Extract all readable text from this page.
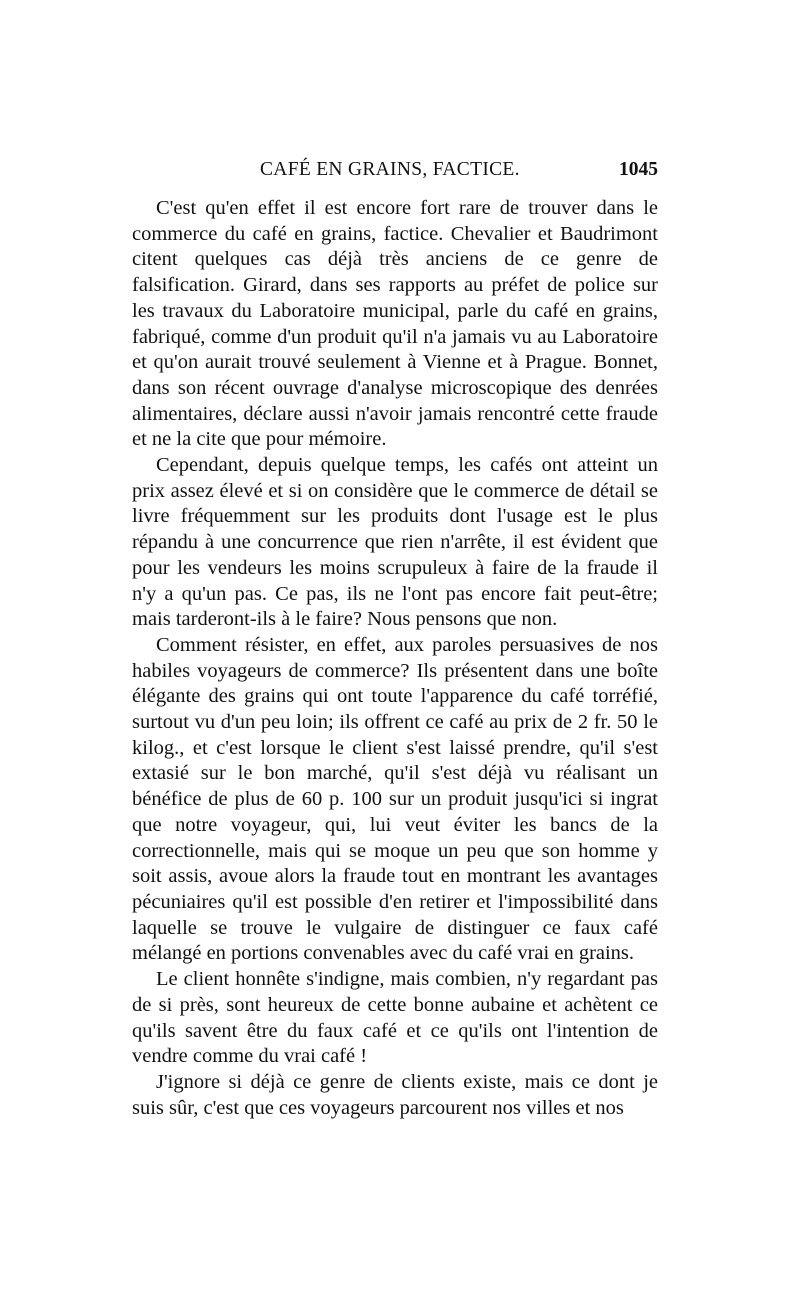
CAFÉ EN GRAINS, FACTICE.	1045

C'est qu'en effet il est encore fort rare de trouver dans le commerce du café en grains, factice. Chevalier et Baudrimont citent quelques cas déjà très anciens de ce genre de falsification. Girard, dans ses rapports au préfet de police sur les travaux du Laboratoire municipal, parle du café en grains, fabriqué, comme d'un produit qu'il n'a jamais vu au Laboratoire et qu'on aurait trouvé seulement à Vienne et à Prague. Bonnet, dans son récent ouvrage d'analyse microscopique des denrées alimentaires, déclare aussi n'avoir jamais rencontré cette fraude et ne la cite que pour mémoire.

Cependant, depuis quelque temps, les cafés ont atteint un prix assez élevé et si on considère que le commerce de détail se livre fréquemment sur les produits dont l'usage est le plus répandu à une concurrence que rien n'arrête, il est évident que pour les vendeurs les moins scrupuleux à faire de la fraude il n'y a qu'un pas. Ce pas, ils ne l'ont pas encore fait peut-être; mais tarderont-ils à le faire? Nous pensons que non.

Comment résister, en effet, aux paroles persuasives de nos habiles voyageurs de commerce? Ils présentent dans une boîte élégante des grains qui ont toute l'apparence du café torréfié, surtout vu d'un peu loin; ils offrent ce café au prix de 2 fr. 50 le kilog., et c'est lorsque le client s'est laissé prendre, qu'il s'est extasié sur le bon marché, qu'il s'est déjà vu réalisant un bénéfice de plus de 60 p. 100 sur un produit jusqu'ici si ingrat que notre voyageur, qui, lui veut éviter les bancs de la correctionnelle, mais qui se moque un peu que son homme y soit assis, avoue alors la fraude tout en montrant les avantages pécuniaires qu'il est possible d'en retirer et l'impossibilité dans laquelle se trouve le vulgaire de distinguer ce faux café mélangé en portions convenables avec du café vrai en grains.

Le client honnête s'indigne, mais combien, n'y regardant pas de si près, sont heureux de cette bonne aubaine et achètent ce qu'ils savent être du faux café et ce qu'ils ont l'intention de vendre comme du vrai café !

J'ignore si déjà ce genre de clients existe, mais ce dont je suis sûr, c'est que ces voyageurs parcourent nos villes et nos
